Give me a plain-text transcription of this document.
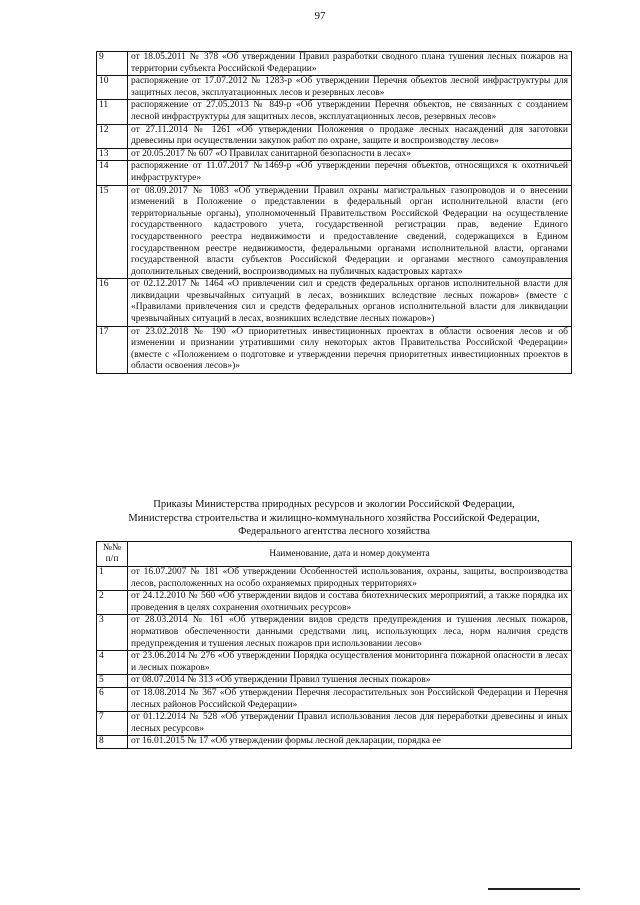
97
9	от 18.05.2011 № 378 «Об утверждении Правил разработки сводного плана тушения лесных пожаров на территории субъекта Российской Федерации»
10	распоряжение от 17.07.2012 № 1283-р «Об утверждении Перечня объектов лесной инфраструктуры для защитных лесов, эксплуатационных лесов и резервных лесов»
11	распоряжение от 27.05.2013 № 849-р «Об утверждении Перечня объектов, не связанных с созданием лесной инфраструктуры для защитных лесов, эксплуатационных лесов, резервных лесов»
12	от 27.11.2014 № 1261 «Об утверждении Положения о продаже лесных насаждений для заготовки древесины при осуществлении закупок работ по охране, защите и воспроизводству лесов»
13	от 20.05.2017 № 607 «О Правилах санитарной безопасности в лесах»
14	распоряжение от 11.07.2017 №1469-р «Об утверждении перечня объектов, относящихся к охотничьей инфраструктуре»
15	от 08.09.2017 № 1083 «Об утверждении Правил охраны магистральных газопроводов и о внесении изменений в Положение о представлении в федеральный орган исполнительной власти (его территориальные органы), уполномоченный Правительством Российской Федерации на осуществление государственного кадастрового учета, государственной регистрации прав, ведение Единого государственного реестра недвижимости и предоставление сведений, содержащихся в Едином государственном реестре недвижимости, федеральными органами исполнительной власти, органами государственной власти субъектов Российской Федерации и органами местного самоуправления дополнительных сведений, воспроизводимых на публичных кадастровых картах»
16	от 02.12.2017 № 1464 «О привлечении сил и средств федеральных органов исполнительной власти для ликвидации чрезвычайных ситуаций в лесах, возникших вследствие лесных пожаров» (вместе с «Правилами привлечения сил и средств федеральных органов исполнительной власти для ликвидации чрезвычайных ситуаций в лесах, возникших вследствие лесных пожаров»)
17	от 23.02.2018 № 190 «О приоритетных инвестиционных проектах в области освоения лесов и об изменении и признании утратившими силу некоторых актов Правительства Российской Федерации» (вместе с «Положением о подготовке и утверждении перечня приоритетных инвестиционных проектов в области освоения лесов»)»
Приказы Министерства природных ресурсов и экологии Российской Федерации,
Министерства строительства и жилищно-коммунального хозяйства Российской Федерации,
Федерального агентства лесного хозяйства
№№
п/п	Наименование, дата и номер документа
1	от 16.07.2007 № 181 «Об утверждении Особенностей использования, охраны, защиты, воспроизводства лесов, расположенных на особо охраняемых природных территориях»
2	от 24.12.2010 № 560 «Об утверждении видов и состава биотехнических мероприятий, а также порядка их проведения в целях сохранения охотничьих ресурсов»
3	от 28.03.2014 № 161 «Об утверждении видов средств предупреждения и тушения лесных пожаров, нормативов обеспеченности данными средствами лиц, использующих леса, норм наличия средств предупреждения и тушения лесных пожаров при использовании лесов»
4	от 23.06.2014 № 276 «Об утверждении Порядка осуществления мониторинга пожарной опасности в лесах и лесных пожаров»
5	от 08.07.2014 № 313 «Об утверждении Правил тушения лесных пожаров»
6	от 18.08.2014 № 367 «Об утверждении Перечня лесорастительных зон Российской Федерации и Перечня лесных районов Российской Федерации»
7	от 01.12.2014 № 528 «Об утверждении Правил использования лесов для переработки древесины и иных лесных ресурсов»
8	от 16.01.2015 № 17 «Об утверждении формы лесной декларации, порядка ее
